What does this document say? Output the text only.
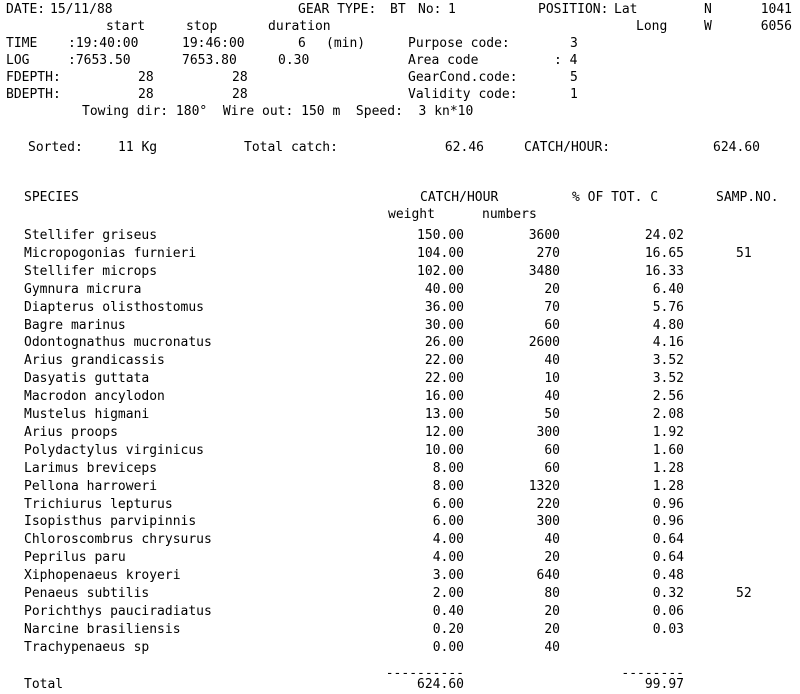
DATE: 15/11/88	GEAR TYPE: BT No: 1	POSITION: Lat	N	1041
start	stop	duration	Long	W	6056
TIME :19:40:00	19:46:00	6 (min)	Purpose code:	3
LOG	:7653.50	7653.80	0.30	Area code	: 4
FDEPTH:	28	28	GearCond.code:	5
BDEPTH:	28	28	Validity code:	1
Towing dir: 180°  Wire out: 150 m  Speed:  3 kn*10
Sorted:	11 Kg	Total catch:	62.46	CATCH/HOUR:	624.60
SPECIES	CATCH/HOUR	% OF TOT. C	SAMP.NO.
weight	numbers
Stellifer griseus	150.00	3600	24.02
Micropogonias furnieri	104.00	270	16.65	51
Stellifer microps	102.00	3480	16.33
Gymnura micrura	40.00	20	6.40
Diapterus olisthostomus	36.00	70	5.76
Bagre marinus	30.00	60	4.80
Odontognathus mucronatus	26.00	2600	4.16
Arius grandicassis	22.00	40	3.52
Dasyatis guttata	22.00	10	3.52
Macrodon ancylodon	16.00	40	2.56
Mustelus higmani	13.00	50	2.08
Arius proops	12.00	300	1.92
Polydactylus virginicus	10.00	60	1.60
Larimus breviceps	8.00	60	1.28
Pellona harroweri	8.00	1320	1.28
Trichiurus lepturus	6.00	220	0.96
Isopisthus parvipinnis	6.00	300	0.96
Chloroscombrus chrysurus	4.00	40	0.64
Peprilus paru	4.00	20	0.64
Xiphopenaeus kroyeri	3.00	640	0.48
Penaeus subtilis	2.00	80	0.32	52
Porichthys pauciradiatus	0.40	20	0.06
Narcine brasiliensis	0.20	20	0.03
Trachypenaeus sp	0.00	40
----------	--------
Total	624.60	99.97
